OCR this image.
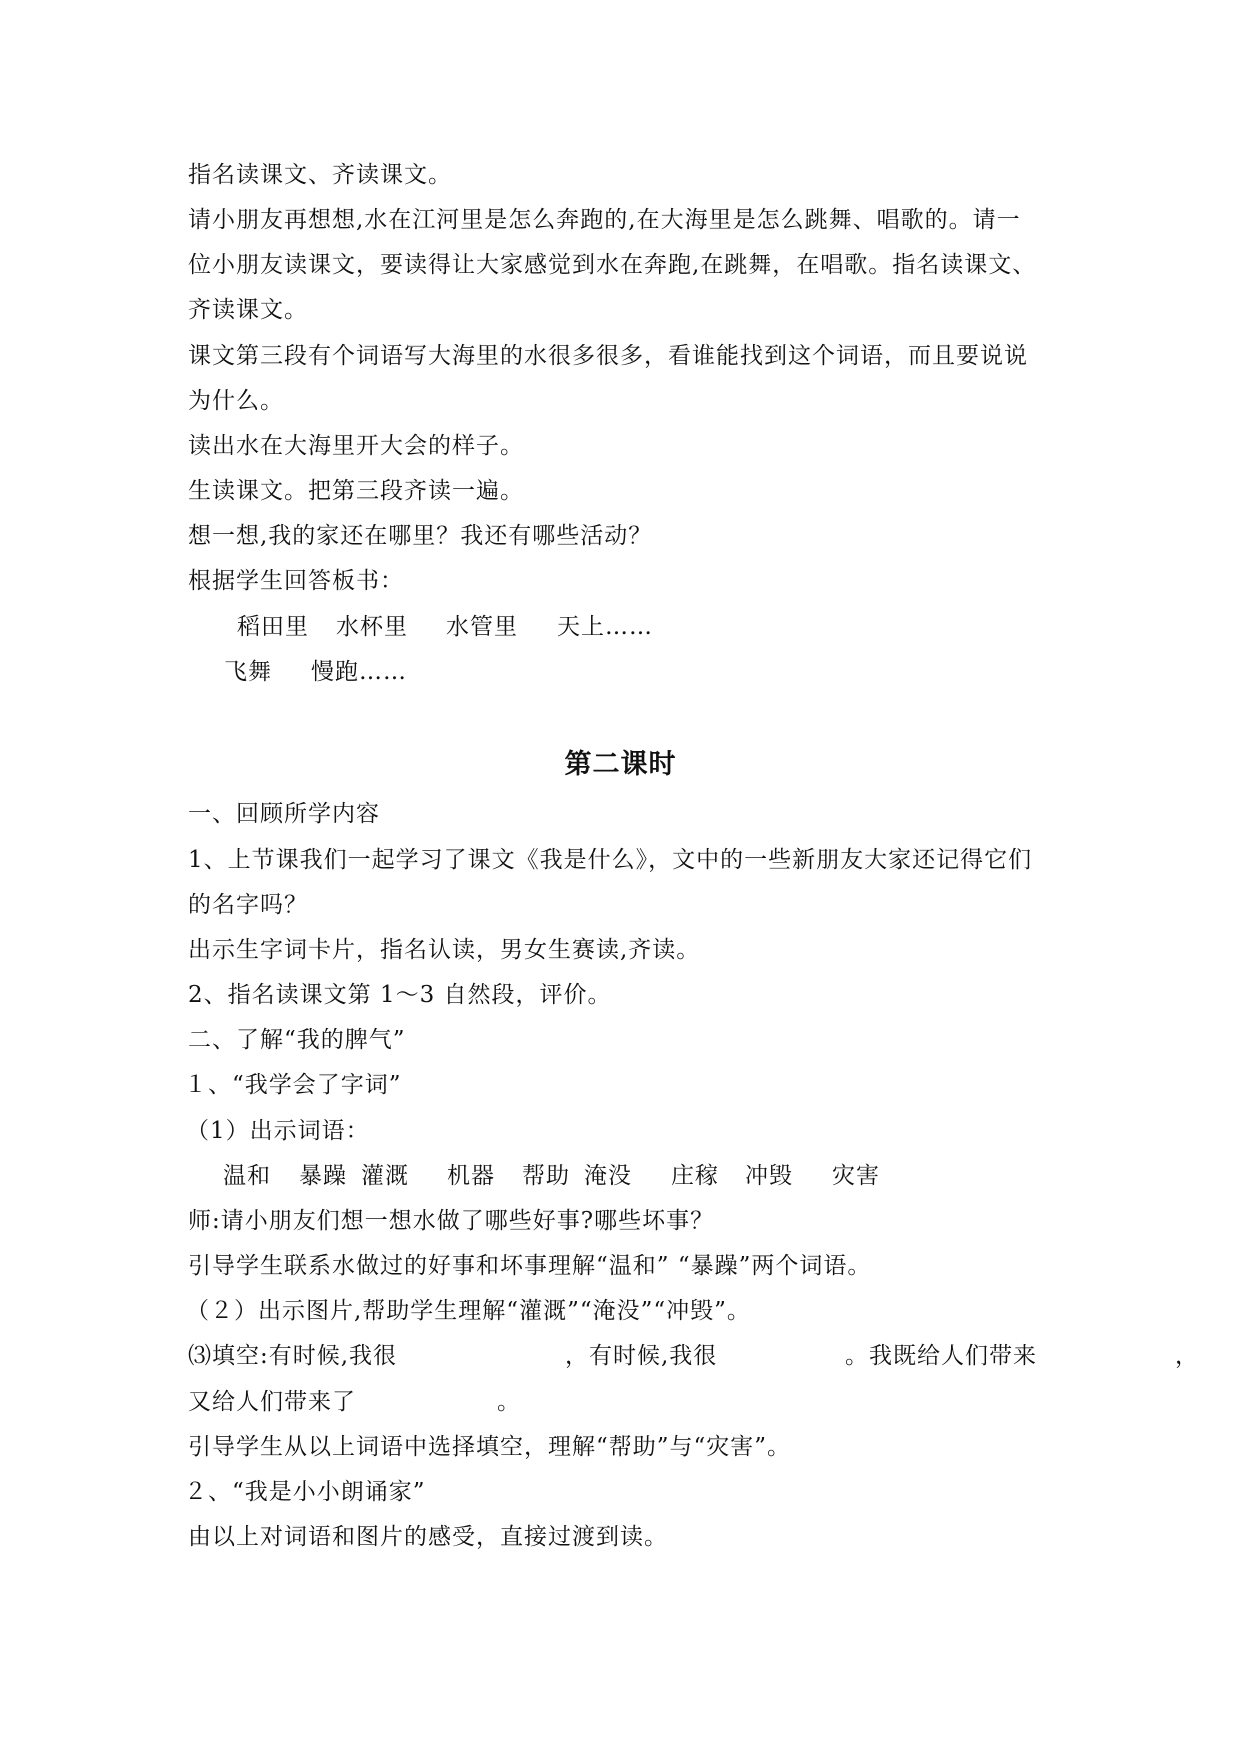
指名读课文、齐读课文。
请小朋友再想想,水在江河里是怎么奔跑的,在大海里是怎么跳舞、唱歌的。请一
位小朋友读课文，要读得让大家感觉到水在奔跑,在跳舞，在唱歌。指名读课文、
齐读课文。
课文第三段有个词语写大海里的水很多很多，看谁能找到这个词语，而且要说说
为什么。
读出水在大海里开大会的样子。
生读课文。把第三段齐读一遍。
想一想,我的家还在哪里？我还有哪些活动？
根据学生回答板书：
稻田里 水杯里 水管里 天上……
飞舞 慢跑……
第二课时
一、回顾所学内容
1、上节课我们一起学习了课文《我是什么》，文中的一些新朋友大家还记得它们
的名字吗？
出示生字词卡片，指名认读，男女生赛读,齐读。
2、指名读课文第 1～3 自然段，评价。
二、了解“我的脾气”
１、“我学会了字词”
（1）出示词语：
温和 暴躁 灌溉 机器 帮助 淹没 庄稼 冲毁 灾害
师:请小朋友们想一想水做了哪些好事?哪些坏事？
引导学生联系水做过的好事和坏事理解“温和” “暴躁”两个词语。
（２）出示图片,帮助学生理解“灌溉”“淹没”“冲毁”。
⑶填空:有时候,我很	，有时候,我很	。我既给人们带来	，
又给人们带来了	。
引导学生从以上词语中选择填空，理解“帮助”与“灾害”。
２、“我是小小朗诵家”
由以上对词语和图片的感受，直接过渡到读。
